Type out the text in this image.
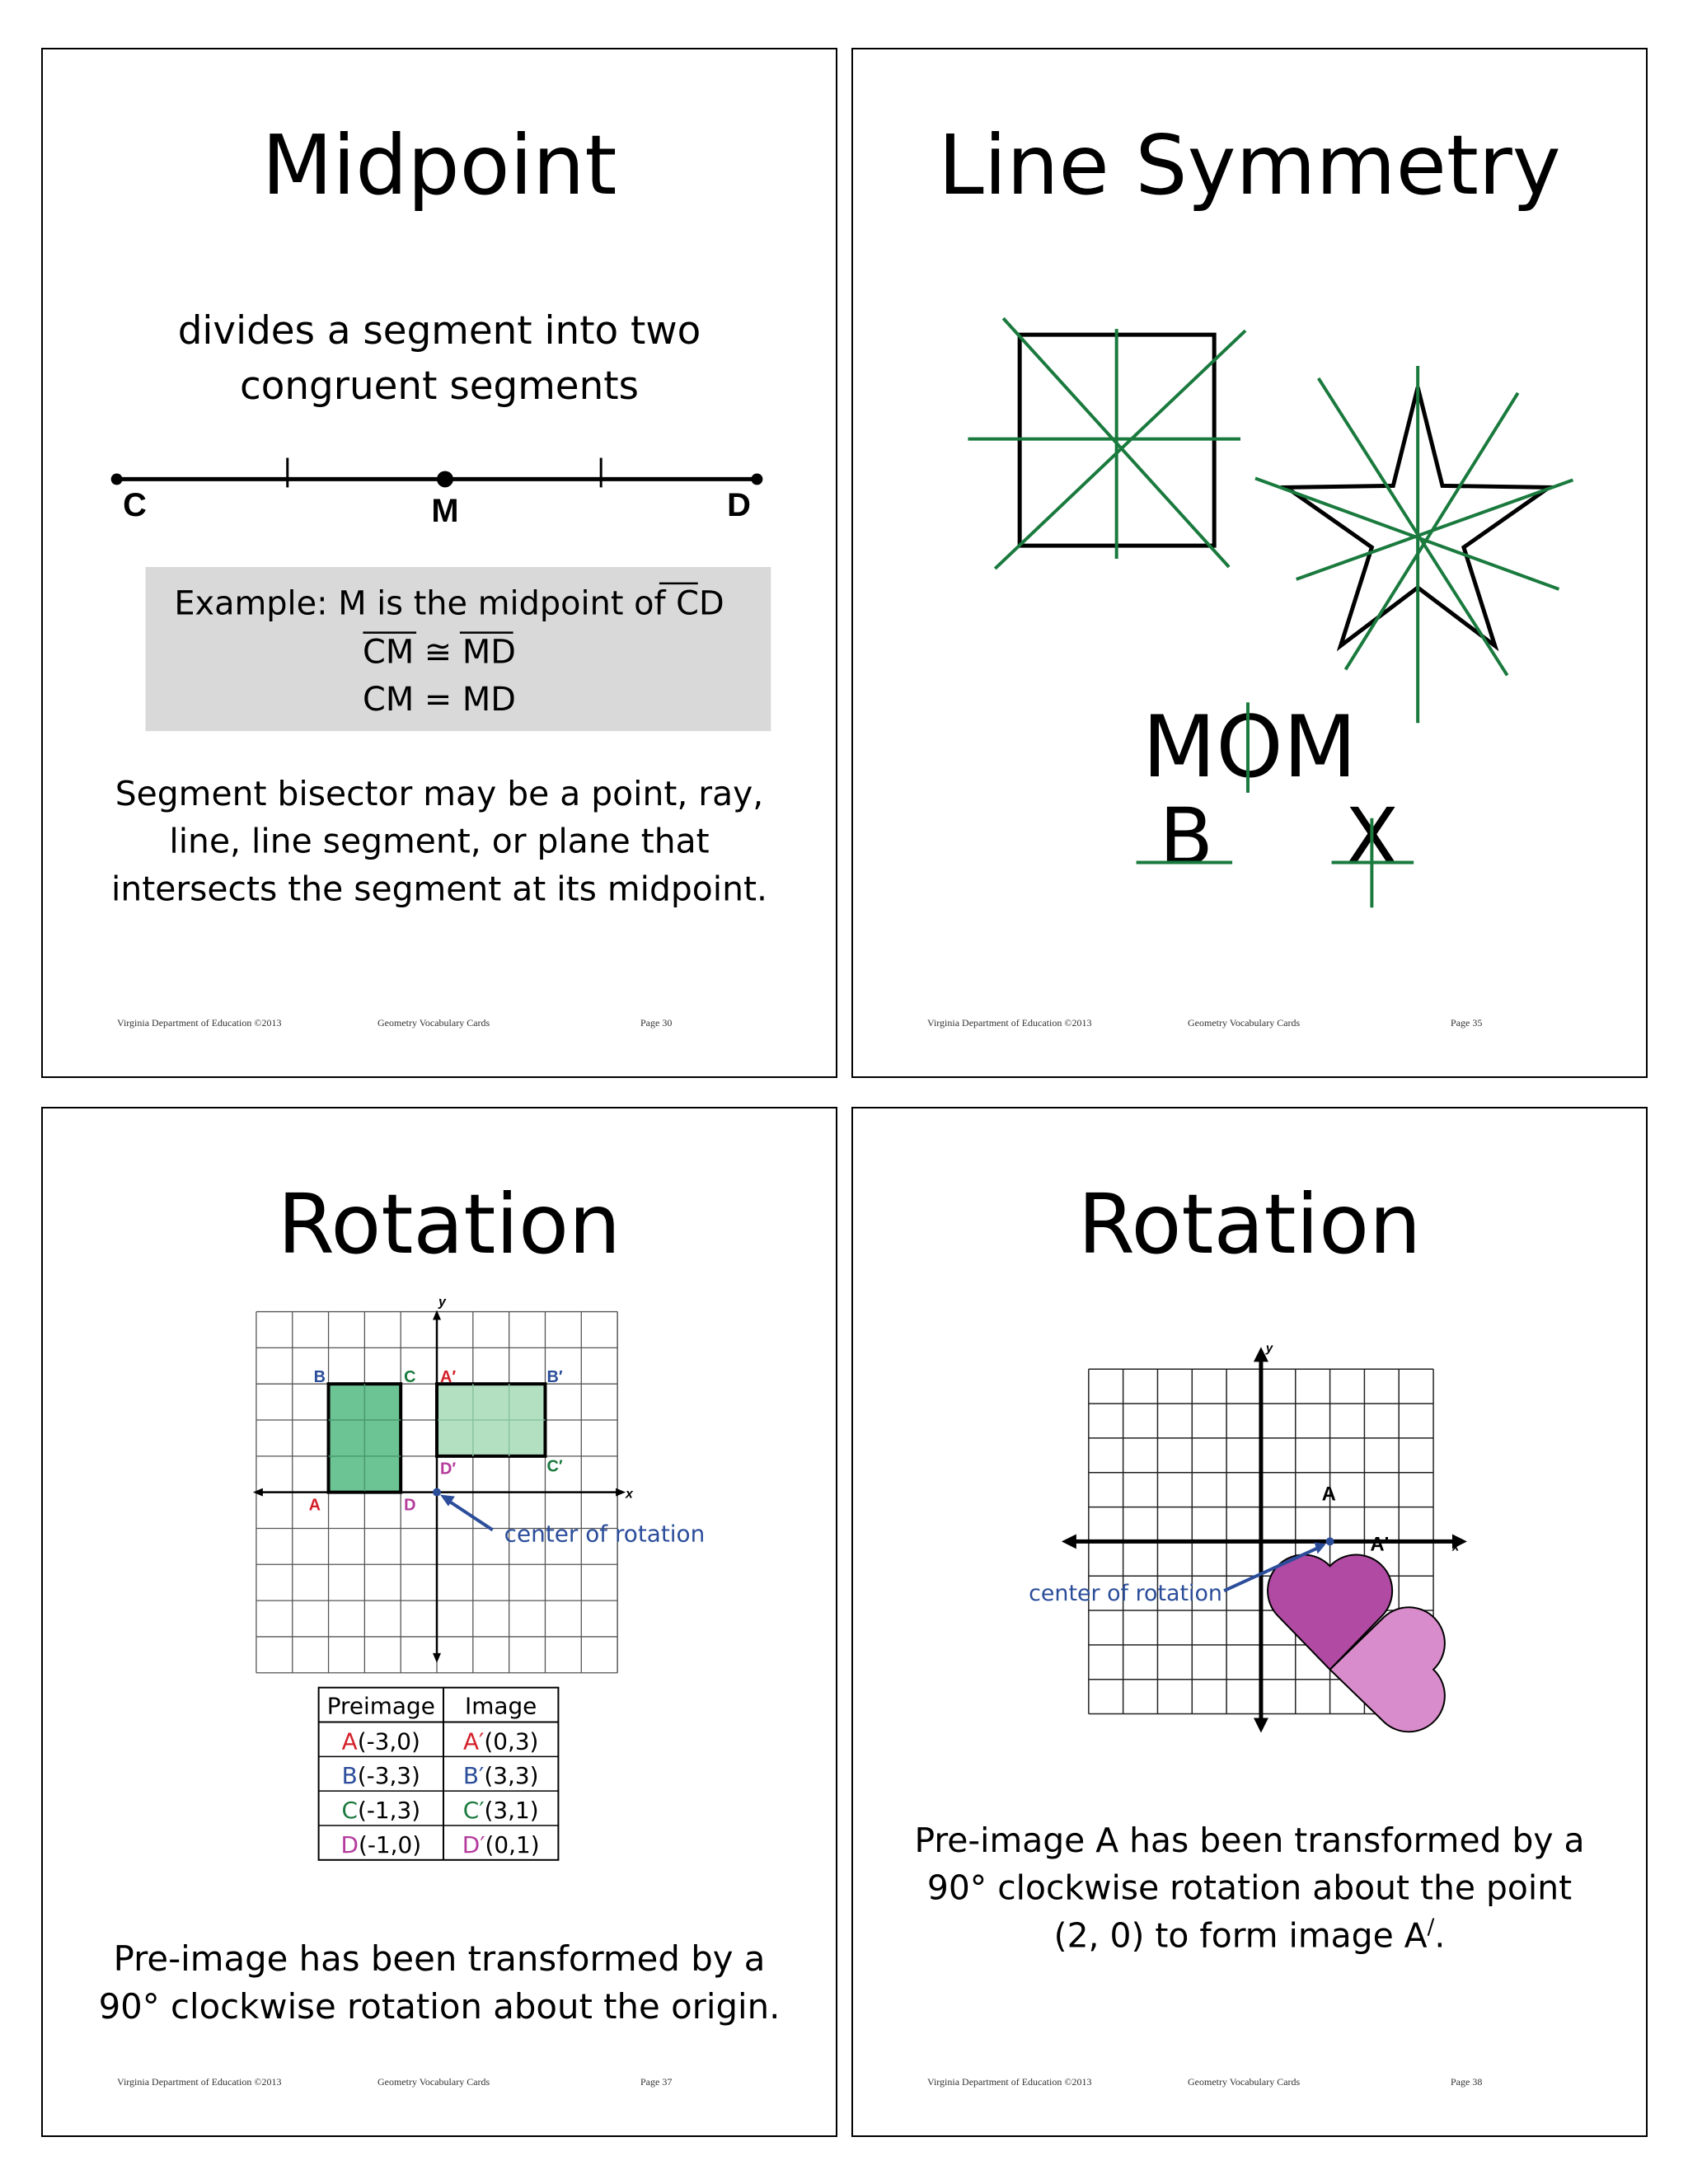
Midpoint
divides a segment into two
congruent segments
C	M	D
Example: M is the midpoint of CD
CM ≅ MD
CM = MD
Segment bisector may be a point, ray,
line, line segment, or plane that
intersects the segment at its midpoint.
Virginia Department of Education ©2013	Geometry Vocabulary Cards	Page 30
Line Symmetry
MOM
B X
Virginia Department of Education ©2013	Geometry Vocabulary Cards	Page 35
Rotation
y
x
B	C
A	D
A′	B′
C′
D′
center of rotation
Preimage Image
A(-3,0) A′(0,3)
B(-3,3) B′(3,3)
C(-1,3) C′(3,1)
D(-1,0) D′(0,1)
Pre-image has been transformed by a
90° clockwise rotation about the origin.
Virginia Department of Education ©2013	Geometry Vocabulary Cards	Page 37
Rotation
y
x
A
A'
center of rotation
Pre-image A has been transformed by a
90° clockwise rotation about the point
(2, 0) to form image A/.
Virginia Department of Education ©2013	Geometry Vocabulary Cards	Page 38
